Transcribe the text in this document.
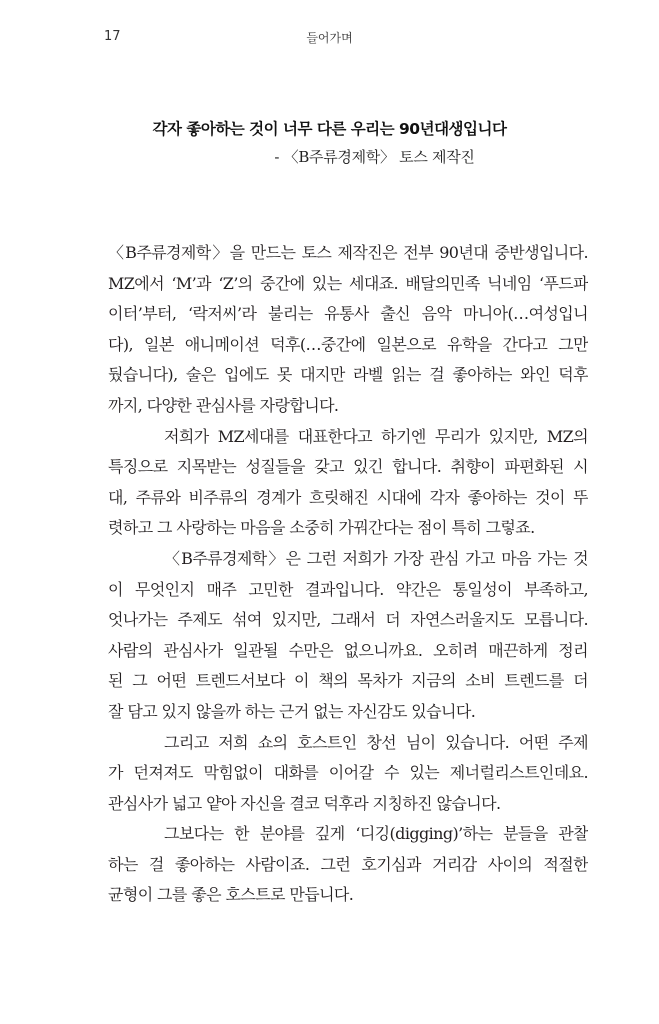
17	들어가며
각자 좋아하는 것이 너무 다른 우리는 90년대생입니다
- 〈B주류경제학〉 토스 제작진
〈B주류경제학〉을 만드는 토스 제작진은 전부 90년대 중반생입니다.
MZ에서 ‘M’과 ‘Z’의 중간에 있는 세대죠. 배달의민족 닉네임 ‘푸드파
이터’부터, ‘락저씨’라 불리는 유통사 출신 음악 마니아(…여성입니
다), 일본 애니메이션 덕후(…중간에 일본으로 유학을 간다고 그만
뒀습니다), 술은 입에도 못 대지만 라벨 읽는 걸 좋아하는 와인 덕후
까지, 다양한 관심사를 자랑합니다.
저희가 MZ세대를 대표한다고 하기엔 무리가 있지만, MZ의
특징으로 지목받는 성질들을 갖고 있긴 합니다. 취향이 파편화된 시
대, 주류와 비주류의 경계가 흐릿해진 시대에 각자 좋아하는 것이 뚜
렷하고 그 사랑하는 마음을 소중히 가꿔간다는 점이 특히 그렇죠.
〈B주류경제학〉은 그런 저희가 가장 관심 가고 마음 가는 것
이 무엇인지 매주 고민한 결과입니다. 약간은 통일성이 부족하고,
엇나가는 주제도 섞여 있지만, 그래서 더 자연스러울지도 모릅니다.
사람의 관심사가 일관될 수만은 없으니까요. 오히려 매끈하게 정리
된 그 어떤 트렌드서보다 이 책의 목차가 지금의 소비 트렌드를 더
잘 담고 있지 않을까 하는 근거 없는 자신감도 있습니다.
그리고 저희 쇼의 호스트인 창선 님이 있습니다. 어떤 주제
가 던져져도 막힘없이 대화를 이어갈 수 있는 제너럴리스트인데요.
관심사가 넓고 얕아 자신을 결코 덕후라 지칭하진 않습니다.
그보다는 한 분야를 깊게 ‘디깅(digging)’하는 분들을 관찰
하는 걸 좋아하는 사람이죠. 그런 호기심과 거리감 사이의 적절한
균형이 그를 좋은 호스트로 만듭니다.
